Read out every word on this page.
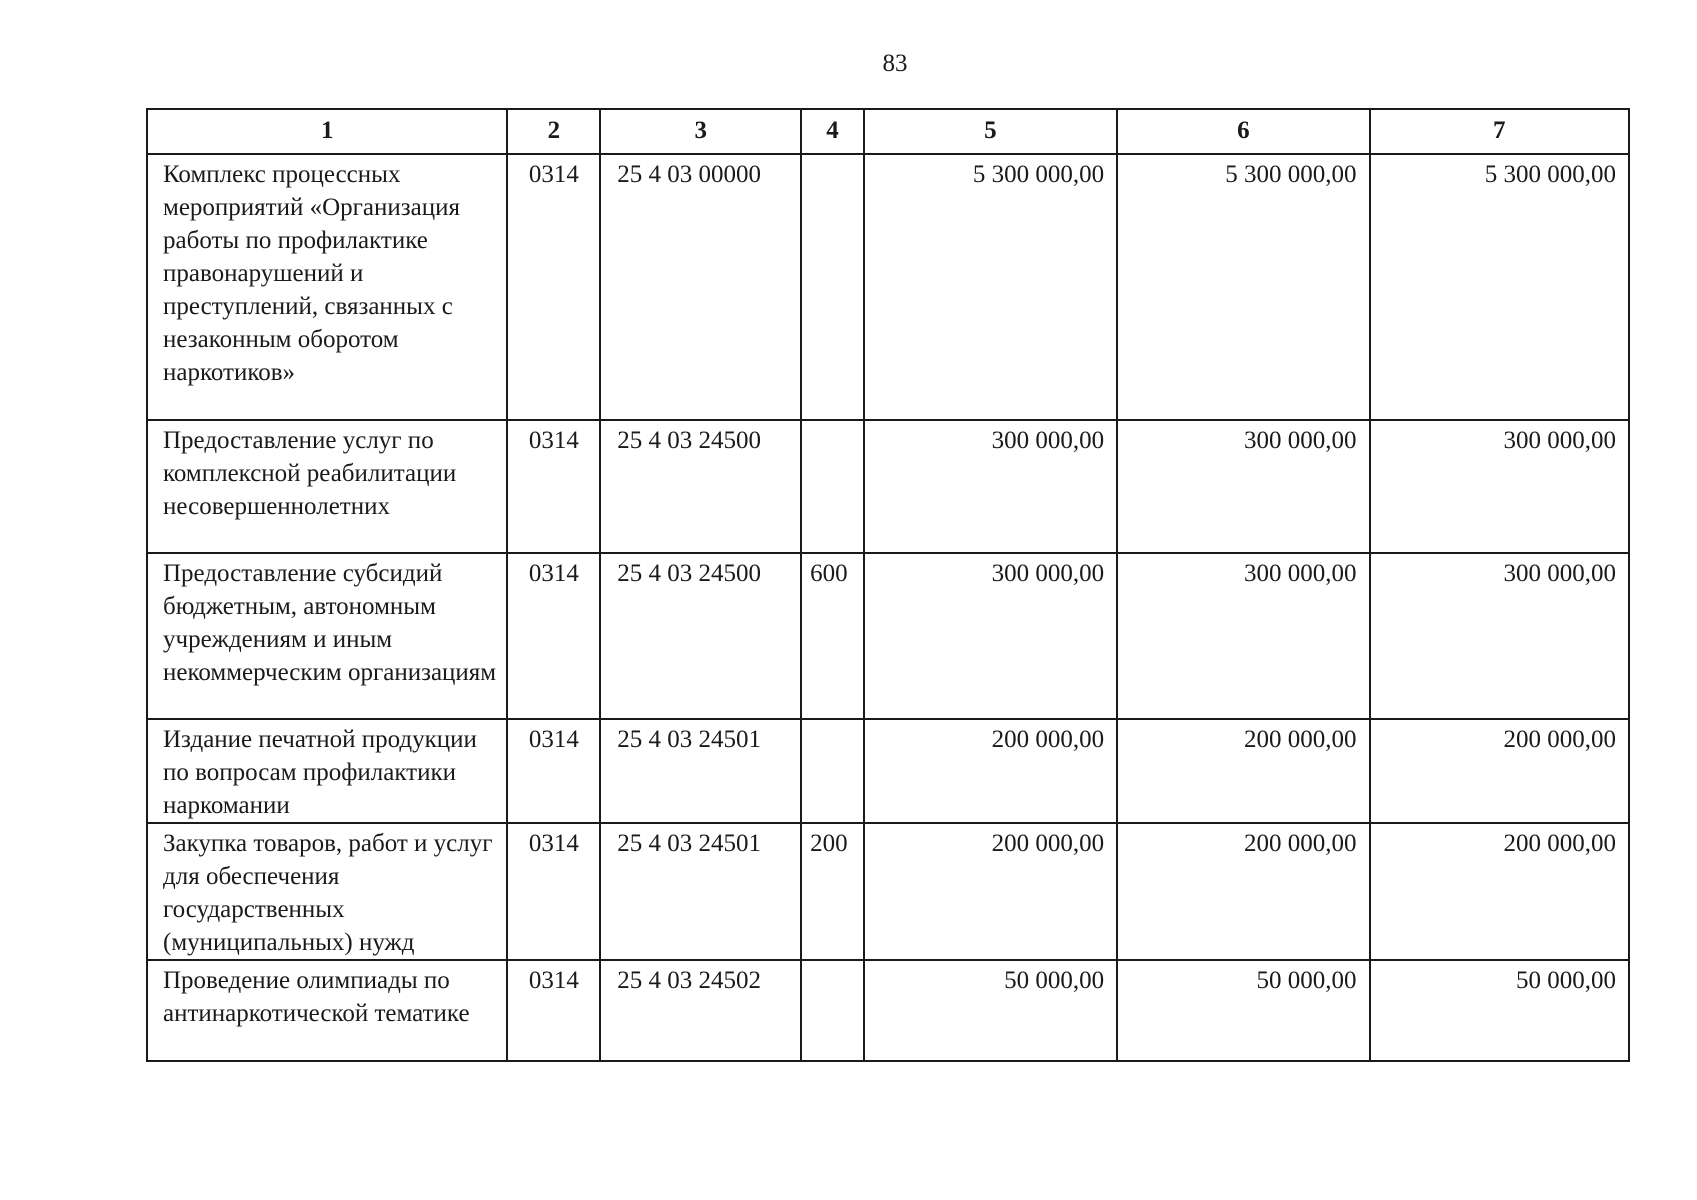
83
1	2	3	4	5	6	7
Комплекс процессных мероприятий «Организация работы по профилактике правонарушений и преступлений, связанных с незаконным оборотом наркотиков»	0314	25 4 03 00000		5 300 000,00	5 300 000,00	5 300 000,00
Предоставление услуг по комплексной реабилитации несовершеннолетних	0314	25 4 03 24500		300 000,00	300 000,00	300 000,00
Предоставление субсидий бюджетным, автономным учреждениям и иным некоммерческим организациям	0314	25 4 03 24500	600	300 000,00	300 000,00	300 000,00
Издание печатной продукции по вопросам профилактики наркомании	0314	25 4 03 24501		200 000,00	200 000,00	200 000,00
Закупка товаров, работ и услуг для обеспечения государственных (муниципальных) нужд	0314	25 4 03 24501	200	200 000,00	200 000,00	200 000,00
Проведение олимпиады по антинаркотической тематике	0314	25 4 03 24502		50 000,00	50 000,00	50 000,00
